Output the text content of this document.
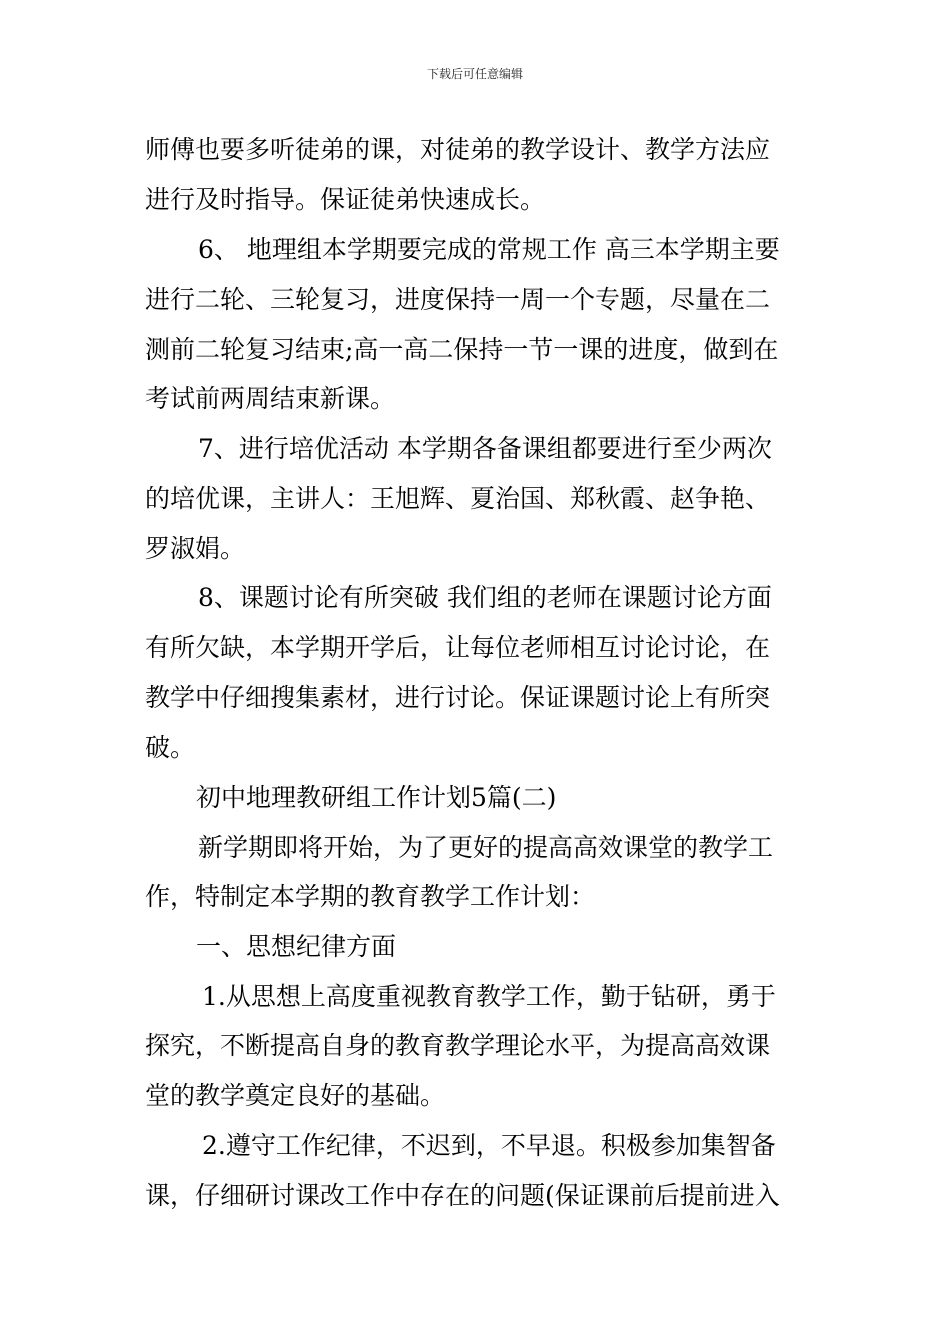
下载后可任意编辑
师傅也要多听徒弟的课，对徒弟的教学设计、教学方法应
进行及时指导。保证徒弟快速成长。
6、 地理组本学期要完成的常规工作 高三本学期主要
进行二轮、三轮复习，进度保持一周一个专题，尽量在二
测前二轮复习结束;高一高二保持一节一课的进度，做到在
考试前两周结束新课。
7、进行培优活动 本学期各备课组都要进行至少两次
的培优课，主讲人：王旭辉、夏治国、郑秋霞、赵争艳、
罗淑娟。
8、课题讨论有所突破 我们组的老师在课题讨论方面
有所欠缺，本学期开学后，让每位老师相互讨论讨论，在
教学中仔细搜集素材，进行讨论。保证课题讨论上有所突
破。
初中地理教研组工作计划5篇(二)
新学期即将开始，为了更好的提高高效课堂的教学工
作，特制定本学期的教育教学工作计划：
一、思想纪律方面
1.从思想上高度重视教育教学工作，勤于钻研，勇于
探究，不断提高自身的教育教学理论水平，为提高高效课
堂的教学奠定良好的基础。
2.遵守工作纪律，不迟到，不早退。积极参加集智备
课，仔细研讨课改工作中存在的问题(保证课前后提前进入
